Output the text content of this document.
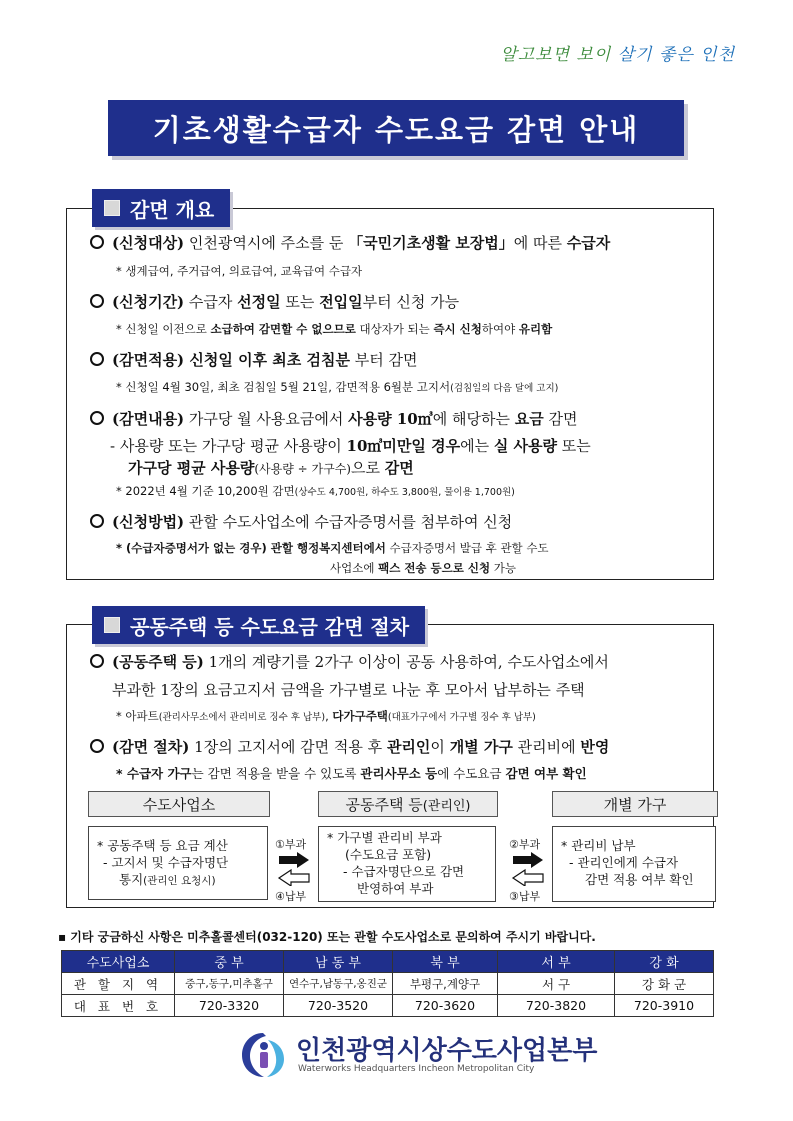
알고보면 보이 살기 좋은 인천
기초생활수급자 수도요금 감면 안내
감면 개요
(신청대상) 인천광역시에 주소를 둔 「국민기초생활 보장법」에 따른 수급자
* 생계급여, 주거급여, 의료급여, 교육급여 수급자
(신청기간) 수급자 선정일 또는 전입일부터 신청 가능
* 신청일 이전으로 소급하여 감면할 수 없으므로 대상자가 되는 즉시 신청하여야 유리함
(감면적용) 신청일 이후 최초 검침분 부터 감면
* 신청일 4월 30일, 최초 검침일 5월 21일, 감면적용 6월분 고지서(검침일의 다음 달에 고지)
(감면내용) 가구당 월 사용요금에서 사용량 10㎥에 해당하는 요금 감면
- 사용량 또는 가구당 평균 사용량이 10㎥미만일 경우에는 실 사용량 또는
가구당 평균 사용량(사용량 ÷ 가구수)으로 감면
* 2022년 4월 기준 10,200원 감면(상수도 4,700원, 하수도 3,800원, 물이용 1,700원)
(신청방법) 관할 수도사업소에 수급자증명서를 첨부하여 신청
* (수급자증명서가 없는 경우) 관할 행정복지센터에서 수급자증명서 발급 후 관할 수도
사업소에 팩스 전송 등으로 신청 가능
공동주택 등 수도요금 감면 절차
(공동주택 등) 1개의 계량기를 2가구 이상이 공동 사용하여, 수도사업소에서
부과한 1장의 요금고지서 금액을 가구별로 나눈 후 모아서 납부하는 주택
* 아파트(관리사무소에서 관리비로 징수 후 납부), 다가구주택(대표가구에서 가구별 징수 후 납부)
(감면 절차) 1장의 고지서에 감면 적용 후 관리인이 개별 가구 관리비에 반영
* 수급자 가구는 감면 적용을 받을 수 있도록 관리사무소 등에 수도요금 감면 여부 확인
수도사업소	공동주택 등 (관리인)	개별 가구
* 공동주택 등 요금 계산
- 고지서 및 수급자명단
통지(관리인 요청시)
* 가구별 관리비 부과
(수도요금 포함)
- 수급자명단으로 감면
반영하여 부과
* 관리비 납부
- 관리인에게 수급자
감면 적용 여부 확인
①부과
④납부
②부과
③납부
▪ 기타 궁금하신 사항은 미추홀콜센터(032-120) 또는 관할 수도사업소로 문의하여 주시기 바랍니다.
수도사업소	중 부	남 동 부	북 부	서 부	강 화
관 할 지 역	중구,동구,미추홀구	연수구,남동구,옹진군	부평구,계양구	서 구	강 화 군
대 표 번 호	720-3320	720-3520	720-3620	720-3820	720-3910
인천광역시상수도사업본부
Waterworks Headquarters Incheon Metropolitan City
